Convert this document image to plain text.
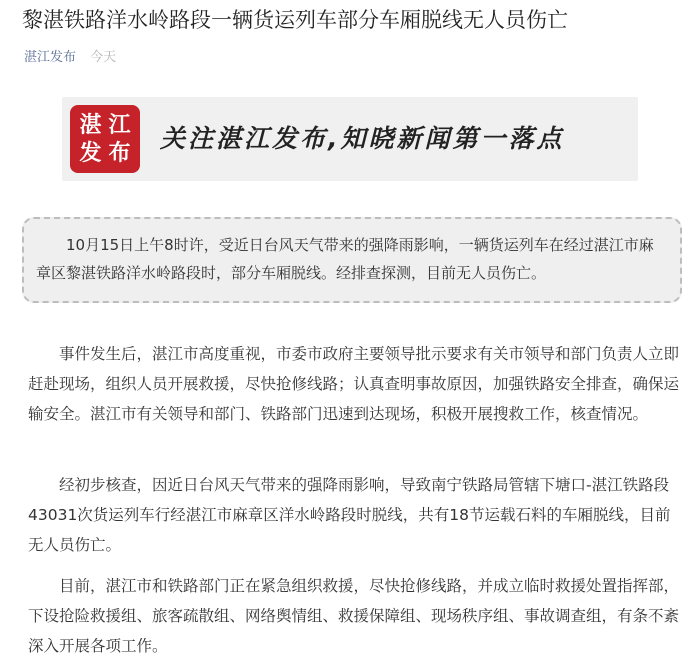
黎湛铁路洋水岭路段一辆货运列车部分车厢脱线无人员伤亡
湛江发布 今天
湛 江
发 布 关注湛江发布,知晓新闻第一落点

10月15日上午8时许，受近日台风天气带来的强降雨影响，一辆货运列车在经过湛江市麻章区黎湛铁路洋水岭路段时，部分车厢脱线。经排查探测，目前无人员伤亡。

事件发生后，湛江市高度重视，市委市政府主要领导批示要求有关市领导和部门负责人立即赶赴现场，组织人员开展救援，尽快抢修线路；认真查明事故原因，加强铁路安全排查，确保运输安全。湛江市有关领导和部门、铁路部门迅速到达现场，积极开展搜救工作，核查情况。

经初步核查，因近日台风天气带来的强降雨影响，导致南宁铁路局管辖下塘口-湛江铁路段43031次货运列车行经湛江市麻章区洋水岭路段时脱线，共有18节运载石料的车厢脱线，目前无人员伤亡。

目前，湛江市和铁路部门正在紧急组织救援，尽快抢修线路，并成立临时救援处置指挥部，下设抢险救援组、旅客疏散组、网络舆情组、救援保障组、现场秩序组、事故调查组，有条不紊深入开展各项工作。
